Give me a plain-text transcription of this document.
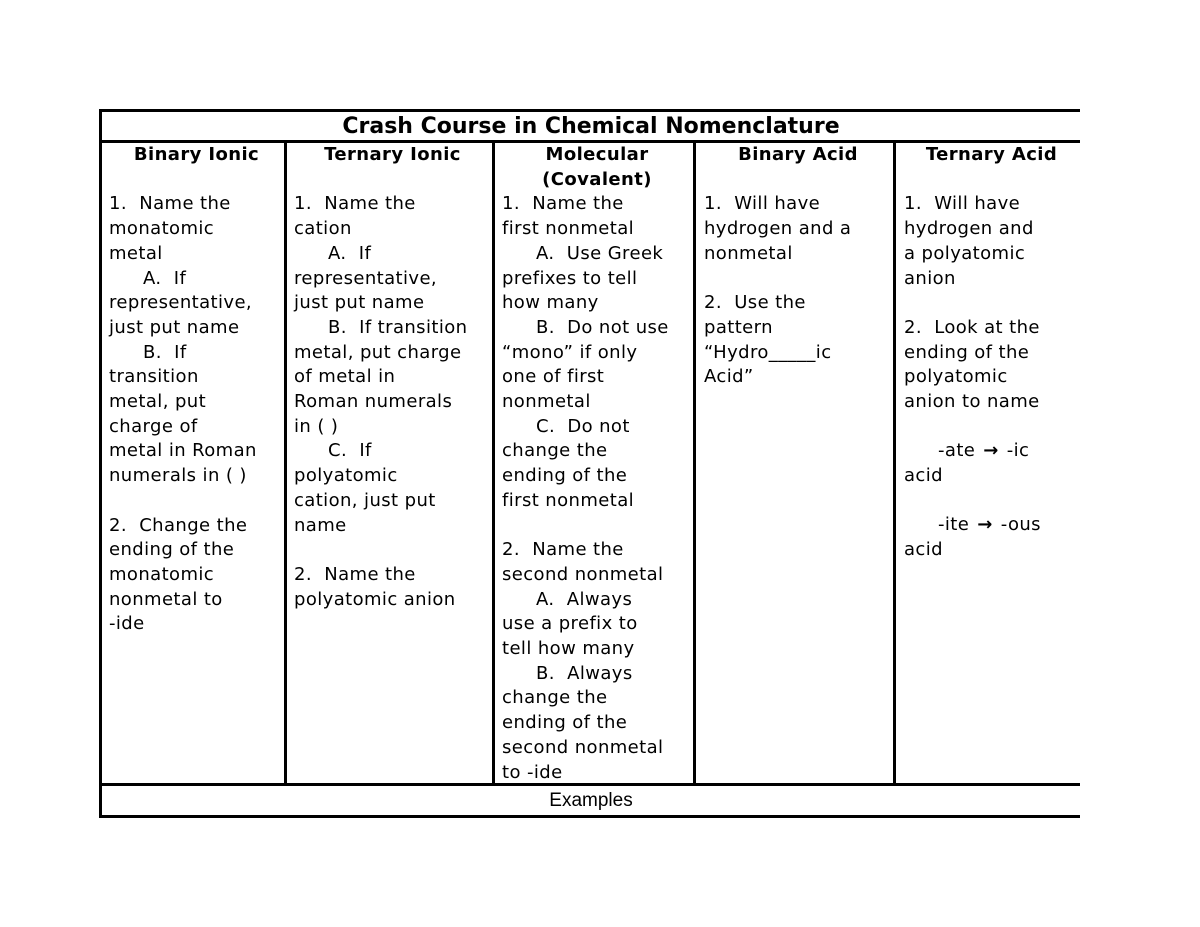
Crash Course in Chemical Nomenclature
Binary Ionic
1.  Name the
monatomic
metal
A.  If
representative,
just put name
B.  If
transition
metal, put
charge of
metal in Roman
numerals in ( )
2.  Change the
ending of the
monatomic
nonmetal to
-ide
Ternary Ionic
1.  Name the
cation
A.  If
representative,
just put name
B.  If transition
metal, put charge
of metal in
Roman numerals
in ( )
C.  If
polyatomic
cation, just put
name
2.  Name the
polyatomic anion
Molecular
(Covalent)
1.  Name the
first nonmetal
A.  Use Greek
prefixes to tell
how many
B.  Do not use
“mono” if only
one of first
nonmetal
C.  Do not
change the
ending of the
first nonmetal
2.  Name the
second nonmetal
A.  Always
use a prefix to
tell how many
B.  Always
change the
ending of the
second nonmetal
to -ide
Binary Acid
1.  Will have
hydrogen and a
nonmetal
2.  Use the
pattern
“Hydro_____ic
Acid”
Ternary Acid
1.  Will have
hydrogen and
a polyatomic
anion
2.  Look at the
ending of the
polyatomic
anion to name
-ate → -ic
acid
-ite → -ous
acid
Examples
